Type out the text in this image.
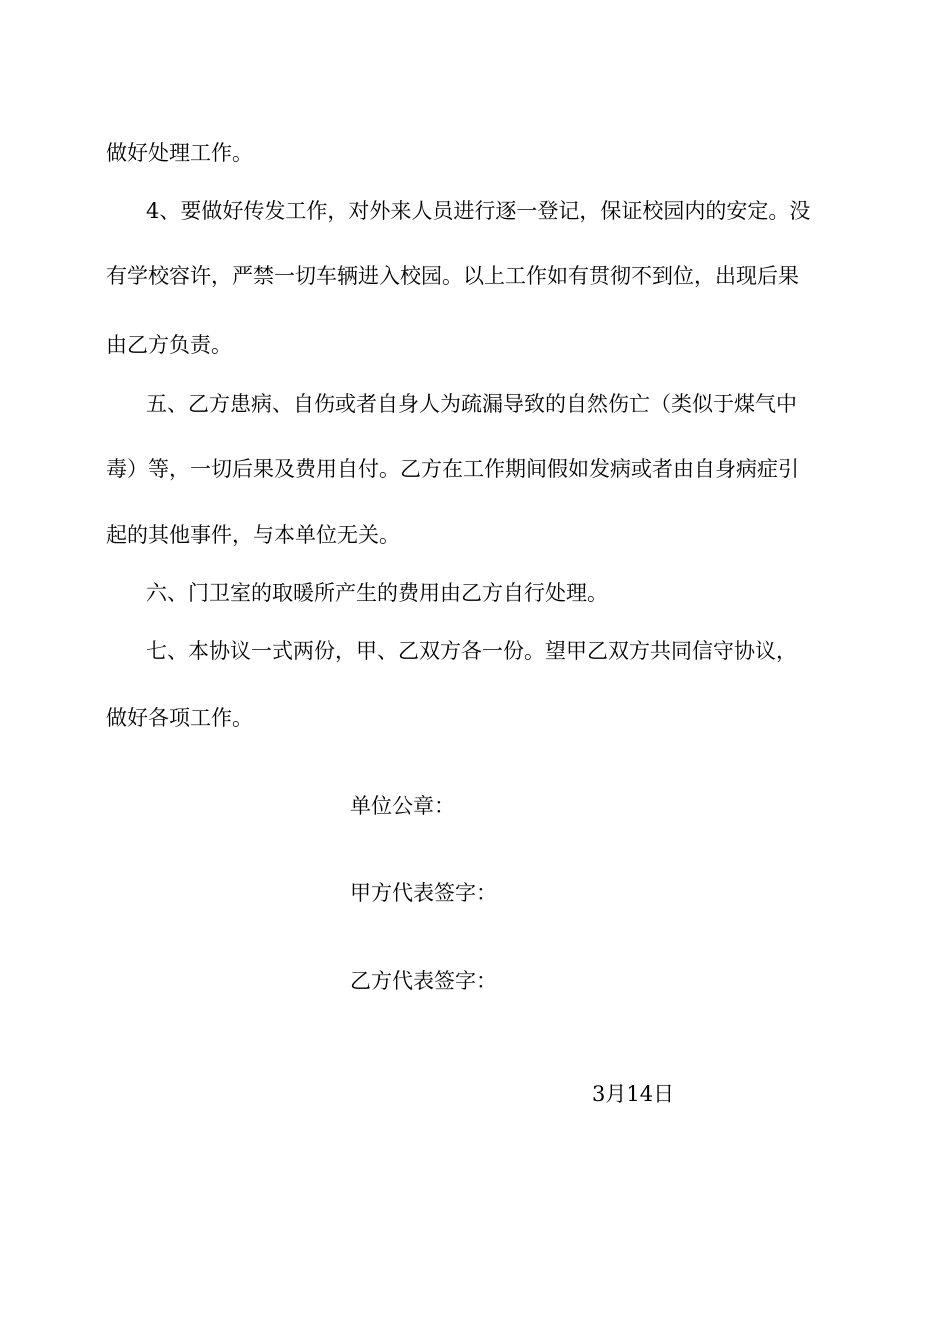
做好处理工作。
4、要做好传发工作，对外来人员进行逐一登记，保证校园内的安定。没
有学校容许，严禁一切车辆进入校园。以上工作如有贯彻不到位，出现后果
由乙方负责。
五、乙方患病、自伤或者自身人为疏漏导致的自然伤亡（类似于煤气中
毒）等，一切后果及费用自付。乙方在工作期间假如发病或者由自身病症引
起的其他事件，与本单位无关。
六、门卫室的取暖所产生的费用由乙方自行处理。
七、本协议一式两份，甲、乙双方各一份。望甲乙双方共同信守协议，
做好各项工作。
单位公章：
甲方代表签字：
乙方代表签字：
3月14日
